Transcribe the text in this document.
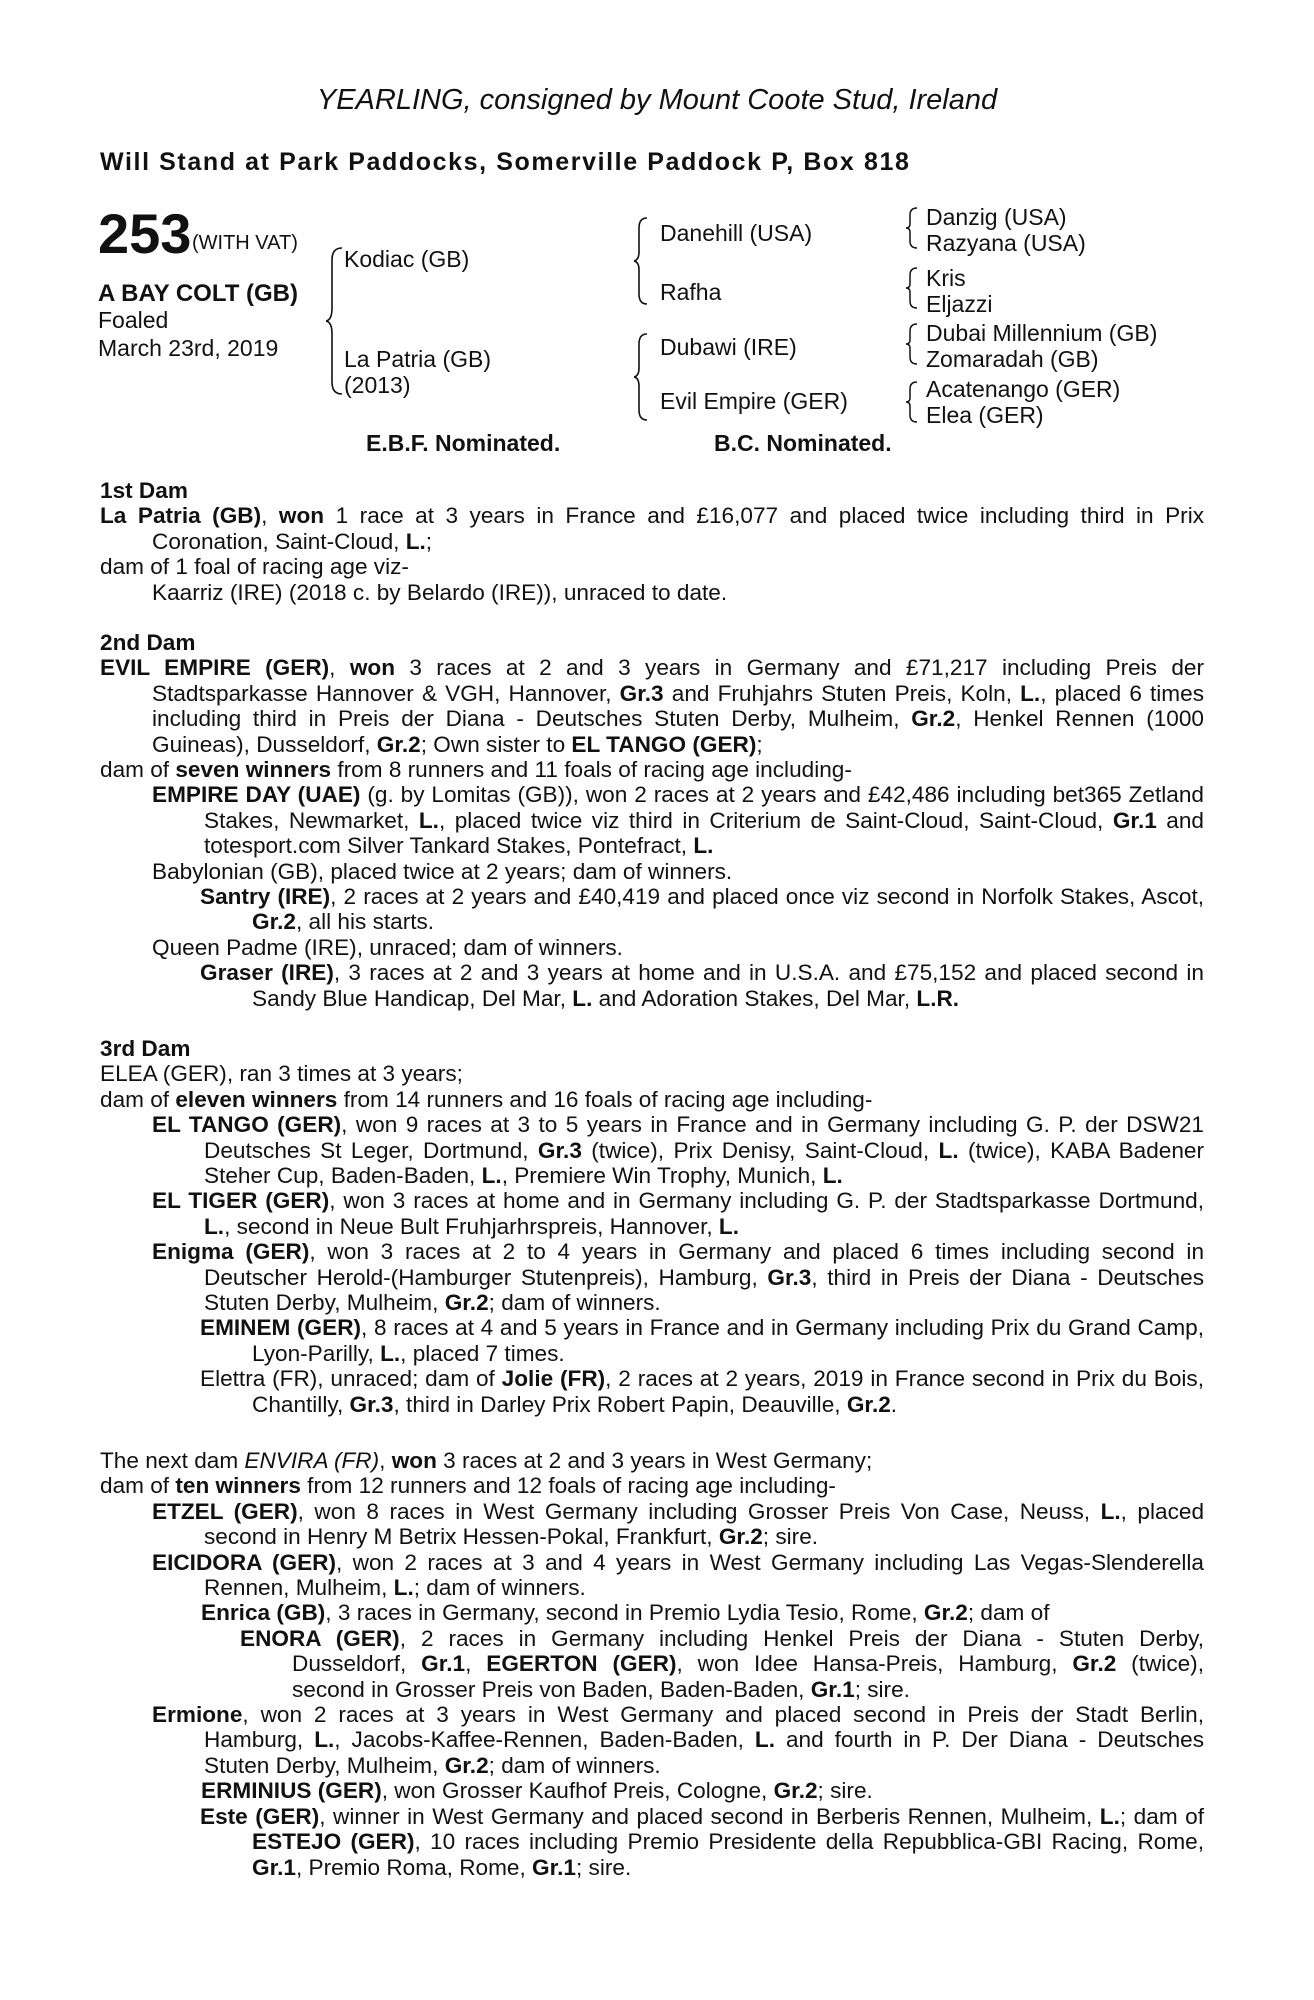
YEARLING, consigned by Mount Coote Stud, Ireland
Will Stand at Park Paddocks, Somerville Paddock P, Box 818
253 (WITH VAT)
A BAY COLT (GB)
Foaled
March 23rd, 2019
Kodiac (GB)
La Patria (GB)
(2013)
Danehill (USA)
Rafha
Dubawi (IRE)
Evil Empire (GER)
Danzig (USA)
Razyana (USA)
Kris
Eljazzi
Dubai Millennium (GB)
Zomaradah (GB)
Acatenango (GER)
Elea (GER)
E.B.F. Nominated.	B.C. Nominated.

1st Dam

La Patria (GB), won 1 race at 3 years in France and £16,077 and placed twice including third in Prix Coronation, Saint-Cloud, L.;

dam of 1 foal of racing age viz-

Kaarriz (IRE) (2018 c. by Belardo (IRE)), unraced to date.

2nd Dam

EVIL EMPIRE (GER), won 3 races at 2 and 3 years in Germany and £71,217 including Preis der Stadtsparkasse Hannover & VGH, Hannover, Gr.3 and Fruhjahrs Stuten Preis, Koln, L., placed 6 times including third in Preis der Diana - Deutsches Stuten Derby, Mulheim, Gr.2, Henkel Rennen (1000 Guineas), Dusseldorf, Gr.2; Own sister to EL TANGO (GER);

dam of seven winners from 8 runners and 11 foals of racing age including-

EMPIRE DAY (UAE) (g. by Lomitas (GB)), won 2 races at 2 years and £42,486 including bet365 Zetland Stakes, Newmarket, L., placed twice viz third in Criterium de Saint-Cloud, Saint-Cloud, Gr.1 and totesport.com Silver Tankard Stakes, Pontefract, L.

Babylonian (GB), placed twice at 2 years; dam of winners.

Santry (IRE), 2 races at 2 years and £40,419 and placed once viz second in Norfolk Stakes, Ascot, Gr.2, all his starts.

Queen Padme (IRE), unraced; dam of winners.

Graser (IRE), 3 races at 2 and 3 years at home and in U.S.A. and £75,152 and placed second in Sandy Blue Handicap, Del Mar, L. and Adoration Stakes, Del Mar, L.R.

3rd Dam

ELEA (GER), ran 3 times at 3 years;

dam of eleven winners from 14 runners and 16 foals of racing age including-

EL TANGO (GER), won 9 races at 3 to 5 years in France and in Germany including G. P. der DSW21 Deutsches St Leger, Dortmund, Gr.3 (twice), Prix Denisy, Saint-Cloud, L. (twice), KABA Badener Steher Cup, Baden-Baden, L., Premiere Win Trophy, Munich, L.

EL TIGER (GER), won 3 races at home and in Germany including G. P. der Stadtsparkasse Dortmund, L., second in Neue Bult Fruhjarhrspreis, Hannover, L.

Enigma (GER), won 3 races at 2 to 4 years in Germany and placed 6 times including second in Deutscher Herold-(Hamburger Stutenpreis), Hamburg, Gr.3, third in Preis der Diana - Deutsches Stuten Derby, Mulheim, Gr.2; dam of winners.

EMINEM (GER), 8 races at 4 and 5 years in France and in Germany including Prix du Grand Camp, Lyon-Parilly, L., placed 7 times.

Elettra (FR), unraced; dam of Jolie (FR), 2 races at 2 years, 2019 in France second in Prix du Bois, Chantilly, Gr.3, third in Darley Prix Robert Papin, Deauville, Gr.2.

The next dam ENVIRA (FR), won 3 races at 2 and 3 years in West Germany;

dam of ten winners from 12 runners and 12 foals of racing age including-

ETZEL (GER), won 8 races in West Germany including Grosser Preis Von Case, Neuss, L., placed second in Henry M Betrix Hessen-Pokal, Frankfurt, Gr.2; sire.

EICIDORA (GER), won 2 races at 3 and 4 years in West Germany including Las Vegas-Slenderella Rennen, Mulheim, L.; dam of winners.

Enrica (GB), 3 races in Germany, second in Premio Lydia Tesio, Rome, Gr.2; dam of

ENORA (GER), 2 races in Germany including Henkel Preis der Diana - Stuten Derby, Dusseldorf, Gr.1, EGERTON (GER), won Idee Hansa-Preis, Hamburg, Gr.2 (twice), second in Grosser Preis von Baden, Baden-Baden, Gr.1; sire.

Ermione, won 2 races at 3 years in West Germany and placed second in Preis der Stadt Berlin, Hamburg, L., Jacobs-Kaffee-Rennen, Baden-Baden, L. and fourth in P. Der Diana - Deutsches Stuten Derby, Mulheim, Gr.2; dam of winners.

ERMINIUS (GER), won Grosser Kaufhof Preis, Cologne, Gr.2; sire.

Este (GER), winner in West Germany and placed second in Berberis Rennen, Mulheim, L.; dam of ESTEJO (GER), 10 races including Premio Presidente della Repubblica-GBI Racing, Rome, Gr.1, Premio Roma, Rome, Gr.1; sire.
